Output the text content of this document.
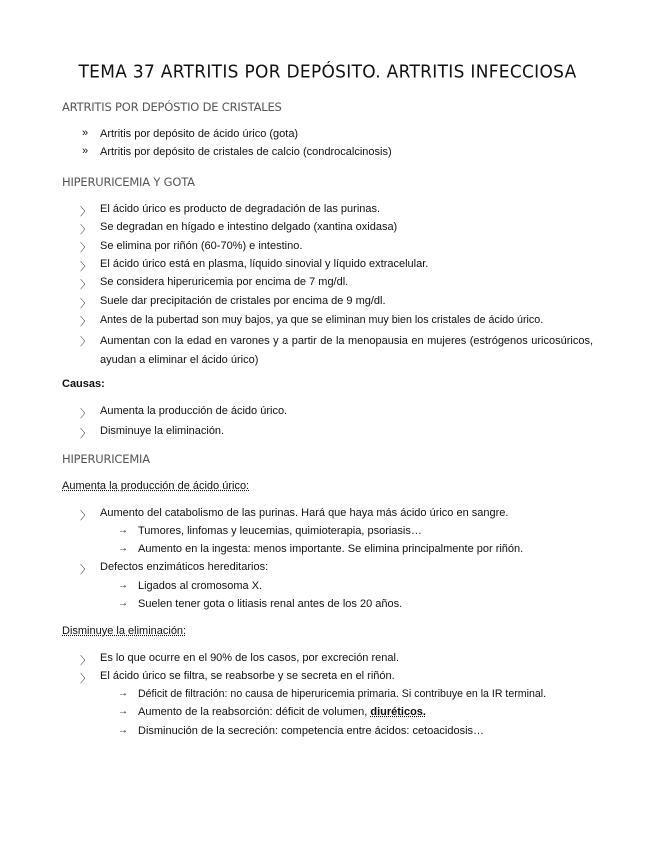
TEMA 37 ARTRITIS POR DEPÓSITO. ARTRITIS INFECCIOSA
ARTRITIS POR DEPÓSTIO DE CRISTALES
» Artritis por depósito de ácido úrico (gota)
» Artritis por depósito de cristales de calcio (condrocalcinosis)
HIPERURICEMIA Y GOTA
〉 El ácido úrico es producto de degradación de las purinas.
〉 Se degradan en hígado e intestino delgado (xantina oxidasa)
〉 Se elimina por riñón (60-70%) e intestino.
〉 El ácido úrico está en plasma, líquido sinovial y líquido extracelular.
〉 Se considera hiperuricemia por encima de 7 mg/dl.
〉 Suele dar precipitación de cristales por encima de 9 mg/dl.
〉 Antes de la pubertad son muy bajos, ya que se eliminan muy bien los cristales de ácido úrico.
〉 Aumentan con la edad en varones y a partir de la menopausia en mujeres (estrógenos uricosúricos, ayudan a eliminar el ácido úrico)
Causas:
〉 Aumenta la producción de ácido úrico.
〉 Disminuye la eliminación.
HIPERURICEMIA
Aumenta la producción de ácido úrico:
〉 Aumento del catabolismo de las purinas. Hará que haya más ácido úrico en sangre.
→ Tumores, linfomas y leucemias, quimioterapia, psoriasis…
→ Aumento en la ingesta: menos importante. Se elimina principalmente por riñón.
〉 Defectos enzimáticos hereditarios:
→ Ligados al cromosoma X.
→ Suelen tener gota o litiasis renal antes de los 20 años.
Disminuye la eliminación:
〉 Es lo que ocurre en el 90% de los casos, por excreción renal.
〉 El ácido úrico se filtra, se reabsorbe y se secreta en el riñón.
→ Déficit de filtración: no causa de hiperuricemia primaria. Si contribuye en la IR terminal.
→ Aumento de la reabsorción: déficit de volumen, diuréticos.
→ Disminución de la secreción: competencia entre ácidos: cetoacidosis…
